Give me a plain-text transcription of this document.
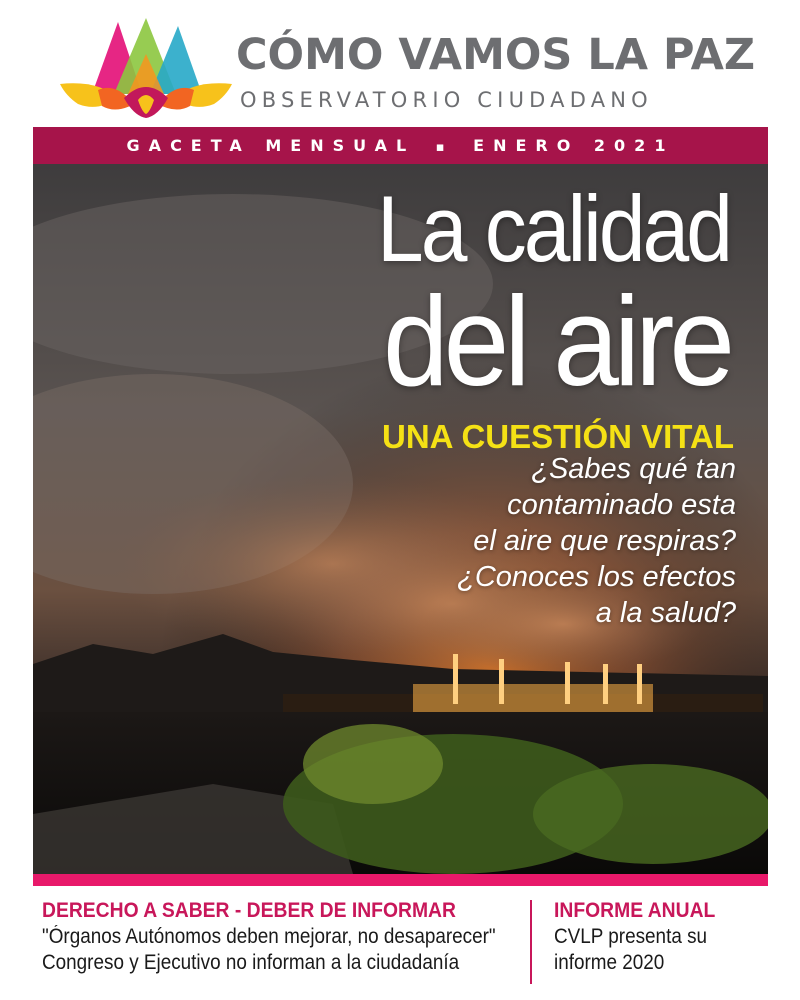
CÓMO VAMOS LA PAZ
OBSERVATORIO CIUDADANO
GACETA MENSUAL ▪ ENERO 2021
La calidad
del aire
UNA CUESTIÓN VITAL
¿Sabes qué tan
contaminado esta
el aire que respiras?
¿Conoces los efectos
a la salud?
DERECHO A SABER - DEBER DE INFORMAR
"Órganos Autónomos deben mejorar, no desaparecer"
Congreso y Ejecutivo no informan a la ciudadanía
INFORME ANUAL
CVLP presenta su
informe 2020
